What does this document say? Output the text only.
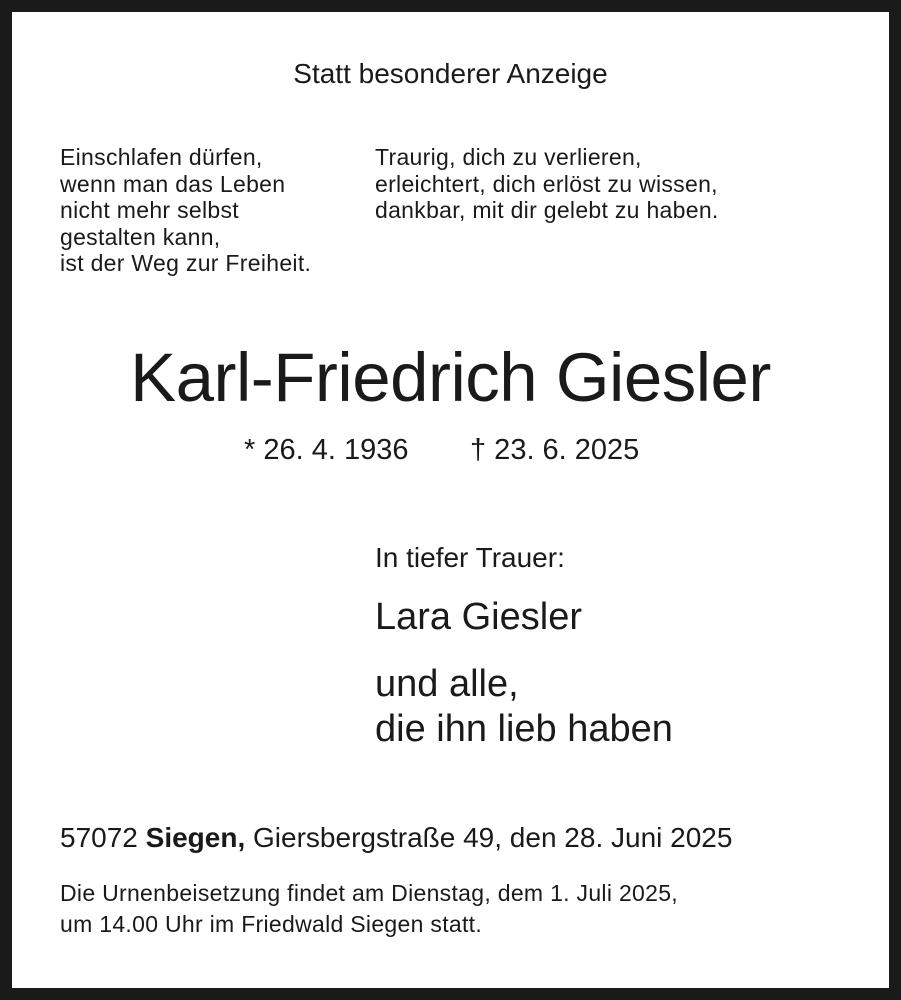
Statt besonderer Anzeige

Einschlafen dürfen,
wenn man das Leben
nicht mehr selbst
gestalten kann,
ist der Weg zur Freiheit.
Traurig, dich zu verlieren,
erleichtert, dich erlöst zu wissen,
dankbar, mit dir gelebt zu haben.
Karl-Friedrich Giesler
* 26. 4. 1936 † 23. 6. 2025

In tiefer Trauer:

Lara Giesler

und alle,
die ihn lieb haben

57072 Siegen, Giersbergstraße 49, den 28. Juni 2025

Die Urnenbeisetzung findet am Dienstag, dem 1. Juli 2025,
um 14.00 Uhr im Friedwald Siegen statt.
